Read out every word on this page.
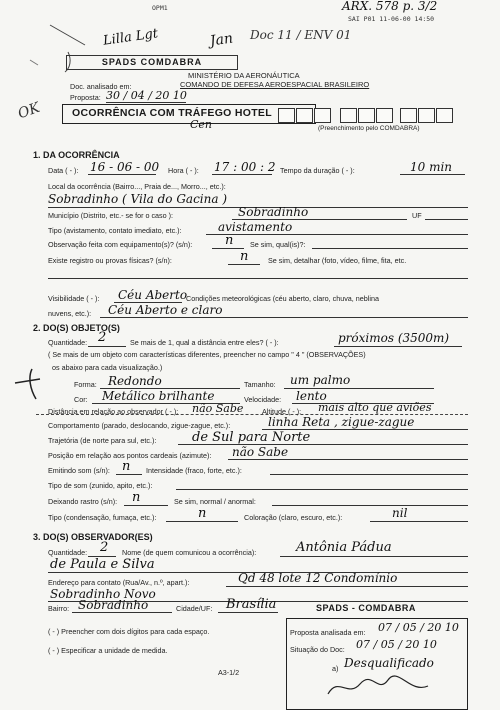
OPM1	ARX. 578 p. 3/2
SAI P01 11-06-00 14:50
Doc 11 / ENV 01
Jan
OK
SPADS COMDABRA
Lilla Lgt
MINISTÉRIO DA AERONÁUTICA
COMANDO DE DEFESA AEROESPACIAL BRASILEIRO
Doc. analisado em:
Proposta: 30 / 04 / 20 10
OCORRÊNCIA COM TRÁFEGO HOTEL
Cen	(Preenchimento pelo COMDABRA)
1. DA OCORRÊNCIA
Data ( - ): 16 - 06 - 00 Hora ( - ): 17 : 00 : 2 Tempo da duração ( - ):	10 min
Local da ocorrência (Bairro..., Praia de..., Morro..., etc.):
Sobradinho ( Vila do Gacina )
Município (Distrito, etc.- se for o caso ):	Sobradinho	UF
Tipo (avistamento, contato imediato, etc.):	avistamento
Observação feita com equipamento(s)? (s/n):	n Se sim, qual(is)?:
Existe registro ou provas físicas? (s/n):	n	Se sim, detalhar (foto, vídeo, filme, fita, etc.
Visibilidade ( - ): Céu Aberto
Condições meteorológicas (céu aberto, claro, chuva, neblina
nuvens, etc.): Céu Aberto e claro
2. DO(S) OBJETO(S)
Quantidade: 2	Se mais de 1, qual a distância entre eles? ( - ):	próximos (3500m)
( Se mais de um objeto com características diferentes, preencher no campo " 4 " (OBSERVAÇÕES)
os abaixo para cada visualização.)
Forma: Redondo	Tamanho: um palmo
Cor: Metálico brilhante	Velocidade: lento
Distância em relação ao observador ( - ): não Sabe	Altitude ( - ): mais alto que aviões
Comportamento (parado, deslocando, zigue-zague, etc.):	linha Reta , zigue-zague
Trajetória (de norte para sul, etc.):	de Sul para Norte
Posição em relação aos pontos cardeais (azimute): não Sabe
Emitindo som (s/n): n Intensidade (fraco, forte, etc.):
Tipo de som (zunido, apito, etc.):
Deixando rastro (s/n): n	Se sim, normal / anormal:
Tipo (condensação, fumaça, etc.):	n	Coloração (claro, escuro, etc.):	nil
3. DO(S) OBSERVADOR(ES)
Quantidade: 2 Nome (de quem comunicou a ocorrência):	Antônia Pádua
de Paula e Silva
Endereço para contato (Rua/Av., n.º, apart.):	Qd 48 lote 12 Condomínio
Sobradinho Novo
Bairro: Sobradinho	Cidade/UF: Brasília
( - ) Preencher com dois dígitos para cada espaço.
( - ) Especificar a unidade de medida.
A3-1/2
SPADS - COMDABRA
Proposta analisada em: 07 / 05 / 20 10
Situação do Doc: 07 / 05 / 20 10
a) Desqualificado
